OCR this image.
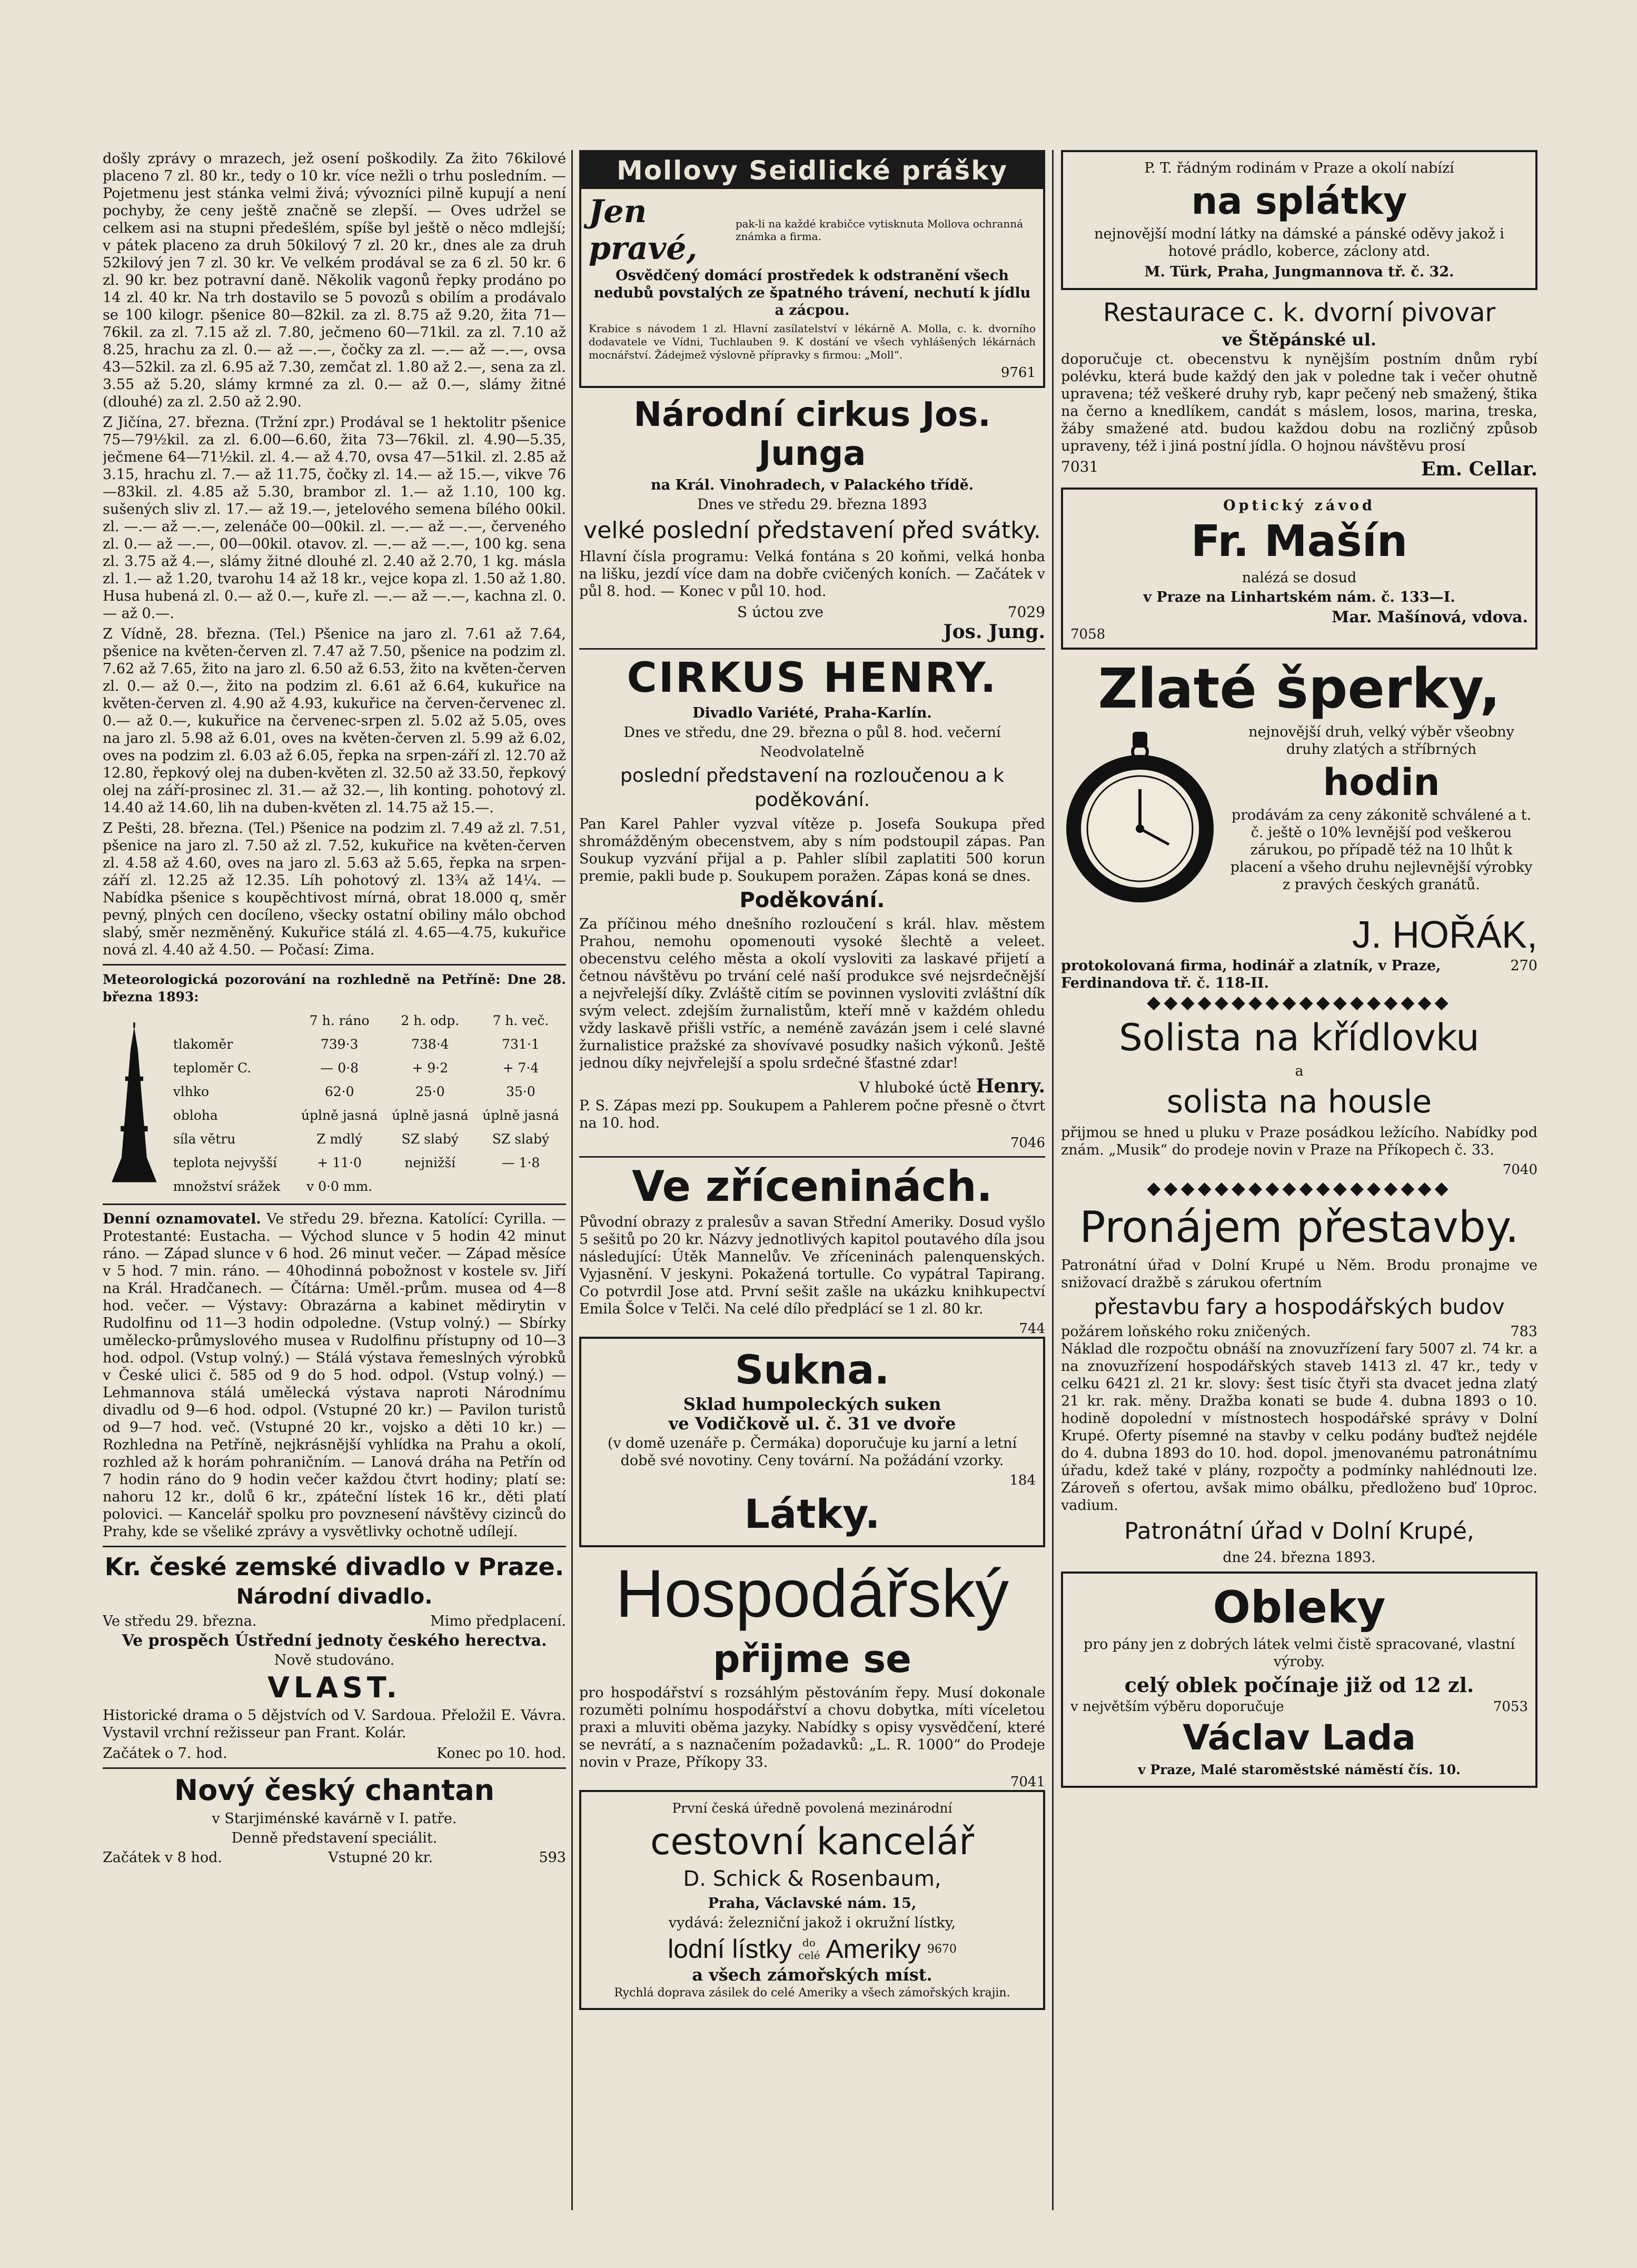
došly zprávy o mrazech, jež osení poškodily. Za žito 76kilové placeno 7 zl. 80 kr., tedy o 10 kr. více nežli o trhu posledním. — Pojetmenu jest stánka velmi živá; vývozníci pilně kupují a není pochyby, že ceny ještě značně se zlepší. — Oves udržel se celkem asi na stupni předešlém, spíše byl ještě o něco mdlejší; v pátek placeno za druh 50kilový 7 zl. 20 kr., dnes ale za druh 52kilový jen 7 zl. 30 kr. Ve velkém prodával se za 6 zl. 50 kr. 6 zl. 90 kr. bez potravní daně. Několik vagonů řepky prodáno po 14 zl. 40 kr. Na trh dostavilo se 5 povozů s obilím a prodávalo se 100 kilogr. pšenice 80—82kil. za zl. 8.75 až 9.20, žita 71—76kil. za zl. 7.15 až zl. 7.80, ječmeno 60—71kil. za zl. 7.10 až 8.25, hrachu za zl. 0.— až —.—, čočky za zl. —.— až —.—, ovsa 43—52kil. za zl. 6.95 až 7.30, zemčat zl. 1.80 až 2.—, sena za zl. 3.55 až 5.20, slámy krmné za zl. 0.— až 0.—, slámy žitné (dlouhé) za zl. 2.50 až 2.90.

Z Jičína, 27. března. (Tržní zpr.) Prodával se 1 hektolitr pšenice 75—79½kil. za zl. 6.00—6.60, žita 73—76kil. zl. 4.90—5.35, ječmene 64—71½kil. zl. 4.— až 4.70, ovsa 47—51kil. zl. 2.85 až 3.15, hrachu zl. 7.— až 11.75, čočky zl. 14.— až 15.—, vikve 76—83kil. zl. 4.85 až 5.30, brambor zl. 1.— až 1.10, 100 kg. sušených sliv zl. 17.— až 19.—, jetelového semena bílého 00kil. zl. —.— až —.—, zelenáče 00—00kil. zl. —.— až —.—, červeného zl. 0.— až —.—, 00—00kil. otavov. zl. —.— až —.—, 100 kg. sena zl. 3.75 až 4.—, slámy žitné dlouhé zl. 2.40 až 2.70, 1 kg. másla zl. 1.— až 1.20, tvarohu 14 až 18 kr., vejce kopa zl. 1.50 až 1.80. Husa hubená zl. 0.— až 0.—, kuře zl. —.— až —.—, kachna zl. 0.— až 0.—.

Z Vídně, 28. března. (Tel.) Pšenice na jaro zl. 7.61 až 7.64, pšenice na květen-červen zl. 7.47 až 7.50, pšenice na podzim zl. 7.62 až 7.65, žito na jaro zl. 6.50 až 6.53, žito na květen-červen zl. 0.— až 0.—, žito na podzim zl. 6.61 až 6.64, kukuřice na květen-červen zl. 4.90 až 4.93, kukuřice na červen-červenec zl. 0.— až 0.—, kukuřice na červenec-srpen zl. 5.02 až 5.05, oves na jaro zl. 5.98 až 6.01, oves na květen-červen zl. 5.99 až 6.02, oves na podzim zl. 6.03 až 6.05, řepka na srpen-září zl. 12.70 až 12.80, řepkový olej na duben-květen zl. 32.50 až 33.50, řepkový olej na září-prosinec zl. 31.— až 32.—, lih konting. pohotový zl. 14.40 až 14.60, lih na duben-květen zl. 14.75 až 15.—.

Z Pešti, 28. března. (Tel.) Pšenice na podzim zl. 7.49 až zl. 7.51, pšenice na jaro zl. 7.50 až zl. 7.52, kukuřice na květen-červen zl. 4.58 až 4.60, oves na jaro zl. 5.63 až 5.65, řepka na srpen-září zl. 12.25 až 12.35. Líh pohotový zl. 13¾ až 14¼. — Nabídka pšenice s koupěchtivost mírná, obrat 18.000 q, směr pevný, plných cen docíleno, všecky ostatní obiliny málo obchod slabý, směr nezměněný. Kukuřice stálá zl. 4.65—4.75, kukuřice nová zl. 4.40 až 4.50. — Počasí: Zima.

Meteorologická pozorování na rozhledně na Petříně: Dne 28. března 1893:

	7 h. ráno	2 h. odp.	7 h. več.
tlakoměr	739·3	738·4	731·1
teploměr C.	— 0·8	+ 9·2	+ 7·4
vlhko	62·0	25·0	35·0
obloha	úplně jasná	úplně jasná	úplně jasná
síla větru	Z mdlý	SZ slabý	SZ slabý
teplota nejvyšší	+ 11·0	nejnižší	— 1·8
množství srážek	v 0·0 mm.		

Denní oznamovatel. Ve středu 29. března. Katolící: Cyrilla. — Protestanté: Eustacha. — Východ slunce v 5 hodin 42 minut ráno. — Západ slunce v 6 hod. 26 minut večer. — Západ měsíce v 5 hod. 7 min. ráno. — 40hodinná pobožnost v kostele sv. Jiří na Král. Hradčanech. — Čítárna: Uměl.-prům. musea od 4—8 hod. večer. — Výstavy: Obrazárna a kabinet mědirytin v Rudolfinu od 11—3 hodin odpoledne. (Vstup volný.) — Sbírky umělecko-průmyslového musea v Rudolfinu přístupny od 10—3 hod. odpol. (Vstup volný.) — Stálá výstava řemeslných výrobků v České ulici č. 585 od 9 do 5 hod. odpol. (Vstup volný.) — Lehmannova stálá umělecká výstava naproti Národnímu divadlu od 9—6 hod. odpol. (Vstupné 20 kr.) — Pavilon turistů od 9—7 hod. več. (Vstupné 20 kr., vojsko a děti 10 kr.) — Rozhledna na Petříně, nejkrásnější vyhlídka na Prahu a okolí, rozhled až k horám pohraničním. — Lanová dráha na Petřín od 7 hodin ráno do 9 hodin večer každou čtvrt hodiny; platí se: nahoru 12 kr., dolů 6 kr., zpáteční lístek 16 kr., děti platí polovici. — Kancelář spolku pro povznesení návštěvy cizinců do Prahy, kde se všeliké zprávy a vysvětlivky ochotně udílejí.

Kr. české zemské divadlo v Praze.
Národní divadlo.
Ve středu 29. března.	Mimo předplacení.
Ve prospěch Ústřední jednoty českého herectva.
Nově studováno.
VLAST.

Historické drama o 5 dějstvích od V. Sardoua. Přeložil E. Vávra. Vystavil vrchní režisseur pan Frant. Kolár.

Začátek o 7. hod.	Konec po 10. hod.
Nový český chantan
v Starjiménské kavárně v I. patře.
Denně představení speciálit.
Začátek v 8 hod.	Vstupné 20 kr.	593
Mollovy Seidlické prášky
Jen pravé,
pak-li na každé krabičce vytisknuta Mollova ochranná známka a firma.

Osvědčený domácí prostředek k odstranění všech nedubů povstalých ze špatného trávení, nechutí k jídlu a zácpou.

Krabice s návodem 1 zl. Hlavní zasílatelství v lékárně A. Molla, c. k. dvorního dodavatele ve Vídni, Tuchlauben 9. K dostání ve všech vyhlášených lékárnách mocnářství. Žádejmež výslovně přípravky s firmou: „Moll“.

9761
Národní cirkus Jos. Junga
na Král. Vinohradech, v Palackého třídě.
Dnes ve středu 29. března 1893
velké poslední představení před svátky.

Hlavní čísla programu: Velká fontána s 20 koňmi, velká honba na lišku, jezdí více dam na dobře cvičených koních. — Začátek v půl 8. hod. — Konec v půl 10. hod.

S úctou zve	7029
Jos. Jung.
CIRKUS HENRY.
Divadlo Variété, Praha-Karlín.
Dnes ve středu, dne 29. března o půl 8. hod. večerní
Neodvolatelně
poslední představení na rozloučenou a k poděkování.

Pan Karel Pahler vyzval vítěze p. Josefa Soukupa před shromážděným obecenstvem, aby s ním podstoupil zápas. Pan Soukup vyzvání přijal a p. Pahler slíbil zaplatiti 500 korun premie, pakli bude p. Soukupem poražen. Zápas koná se dnes.

Poděkování.

Za příčinou mého dnešního rozloučení s král. hlav. městem Prahou, nemohu opomenouti vysoké šlechtě a veleet. obecenstvu celého města a okolí vysloviti za laskavé přijetí a četnou návštěvu po trvání celé naší produkce své nejsrdečnější a nejvřelejší díky. Zvláště citím se povinnen vysloviti zvláštní dík svým velect. zdejším žurnalistům, kteří mně v každém ohledu vždy laskavě přišli vstříc, a neméně zavázán jsem i celé slavné žurnalistice pražské za shovívavé posudky našich výkonů. Ještě jednou díky nejvřelejší a spolu srdečné šťastné zdar!

V hluboké úctě Henry.

P. S. Zápas mezi pp. Soukupem a Pahlerem počne přesně o čtvrt na 10. hod.

7046
Ve zříceninách.

Původní obrazy z pralesův a savan Střední Ameriky. Dosud vyšlo 5 sešitů po 20 kr. Názvy jednotlivých kapitol poutavého díla jsou následující: Útěk Mannelův. Ve zříceninách palenquenských. Vyjasnění. V jeskyni. Pokažená tortulle. Co vypátral Tapirang. Co potvrdil Jose atd. První sešit zašle na ukázku knihkupectví Emila Šolce v Telči. Na celé dílo předplácí se 1 zl. 80 kr.

744
Sukna.
Sklad humpoleckých suken
ve Vodičkově ul. č. 31 ve dvoře

(v domě uzenáře p. Čermáka) doporučuje ku jarní a letní době své novotiny. Ceny tovární. Na požádání vzorky.

184
Látky.
Hospodářský
přijme se

pro hospodářství s rozsáhlým pěstováním řepy. Musí dokonale rozuměti polnímu hospodářství a chovu dobytka, míti víceletou praxi a mluviti oběma jazyky. Nabídky s opisy vysvědčení, které se nevrátí, a s naznačením požadavků: „L. R. 1000“ do Prodeje novin v Praze, Příkopy 33.

7041
První česká úředně povolená mezinárodní
cestovní kancelář
D. Schick & Rosenbaum,
Praha, Václavské nám. 15,
vydává: železniční jakož i okružní lístky,
lodní lístky do celé Ameriky 9670
a všech zámořských míst.
Rychlá doprava zásilek do celé Ameriky a všech zámořských krajin.
P. T. řádným rodinám v Praze a okolí nabízí
na splátky

nejnovější modní látky na dámské a pánské oděvy jakož i hotové prádlo, koberce, záclony atd.

M. Türk, Praha, Jungmannova tř. č. 32.
Restaurace c. k. dvorní pivovar
ve Štěpánské ul.

doporučuje ct. obecenstvu k nynějším postním dnům rybí polévku, která bude každý den jak v poledne tak i večer ohutně upravena; též veškeré druhy ryb, kapr pečený neb smažený, štika na černo a knedlíkem, candát s máslem, losos, marina, treska, žáby smažené atd. budou každou dobu na rozličný způsob upraveny, též i jiná postní jídla. O hojnou návštěvu prosí

7031	Em. Cellar.
Optický závod
Fr. Mašín
nalézá se dosud
v Praze na Linhartském nám. č. 133—I.
Mar. Mašínová, vdova.
7058
Zlaté šperky,

nejnovější druh, velký výběr všeobny druhy zlatých a stříbrných

hodin

prodávám za ceny zákonitě schválené a t. č. ještě o 10% levnější pod veškerou zárukou, po případě též na 10 lhůt k placení a všeho druhu nejlevnější výrobky z pravých českých granátů.

J. HOŘÁK,
protokolovaná firma, hodinář a zlatník, v Praze, Ferdinandova tř. č. 118-II.
270
◆◆◆◆◆◆◆◆◆◆◆◆◆◆◆◆◆◆
Solista na křídlovku
a
solista na housle

přijmou se hned u pluku v Praze posádkou ležícího. Nabídky pod znám. „Musik“ do prodeje novin v Praze na Příkopech č. 33.

7040
◆◆◆◆◆◆◆◆◆◆◆◆◆◆◆◆◆◆
Pronájem přestavby.

Patronátní úřad v Dolní Krupé u Něm. Brodu pronajme ve snižovací dražbě s zárukou ofertním

přestavbu fary a hospodářských budov
požárem loňského roku zničených.	783

Náklad dle rozpočtu obnáší na znovuzřízení fary 5007 zl. 74 kr. a na znovuzřízení hospodářských staveb 1413 zl. 47 kr., tedy v celku 6421 zl. 21 kr. slovy: šest tisíc čtyři sta dvacet jedna zlatý 21 kr. rak. měny. Dražba konati se bude 4. dubna 1893 o 10. hodině dopolední v místnostech hospodářské správy v Dolní Krupé. Oferty písemné na stavby v celku podány buďtež nejdéle do 4. dubna 1893 do 10. hod. dopol. jmenovanému patronátnímu úřadu, kdež také v plány, rozpočty a podmínky nahlédnouti lze. Zároveň s ofertou, avšak mimo obálku, předloženo buď 10proc. vadium.

Patronátní úřad v Dolní Krupé,
dne 24. března 1893.
Obleky

pro pány jen z dobrých látek velmi čistě spracované, vlastní výroby.

celý oblek počínaje již od 12 zl.
v největším výběru doporučuje	7053
Václav Lada
v Praze, Malé staroměstské náměstí čís. 10.
